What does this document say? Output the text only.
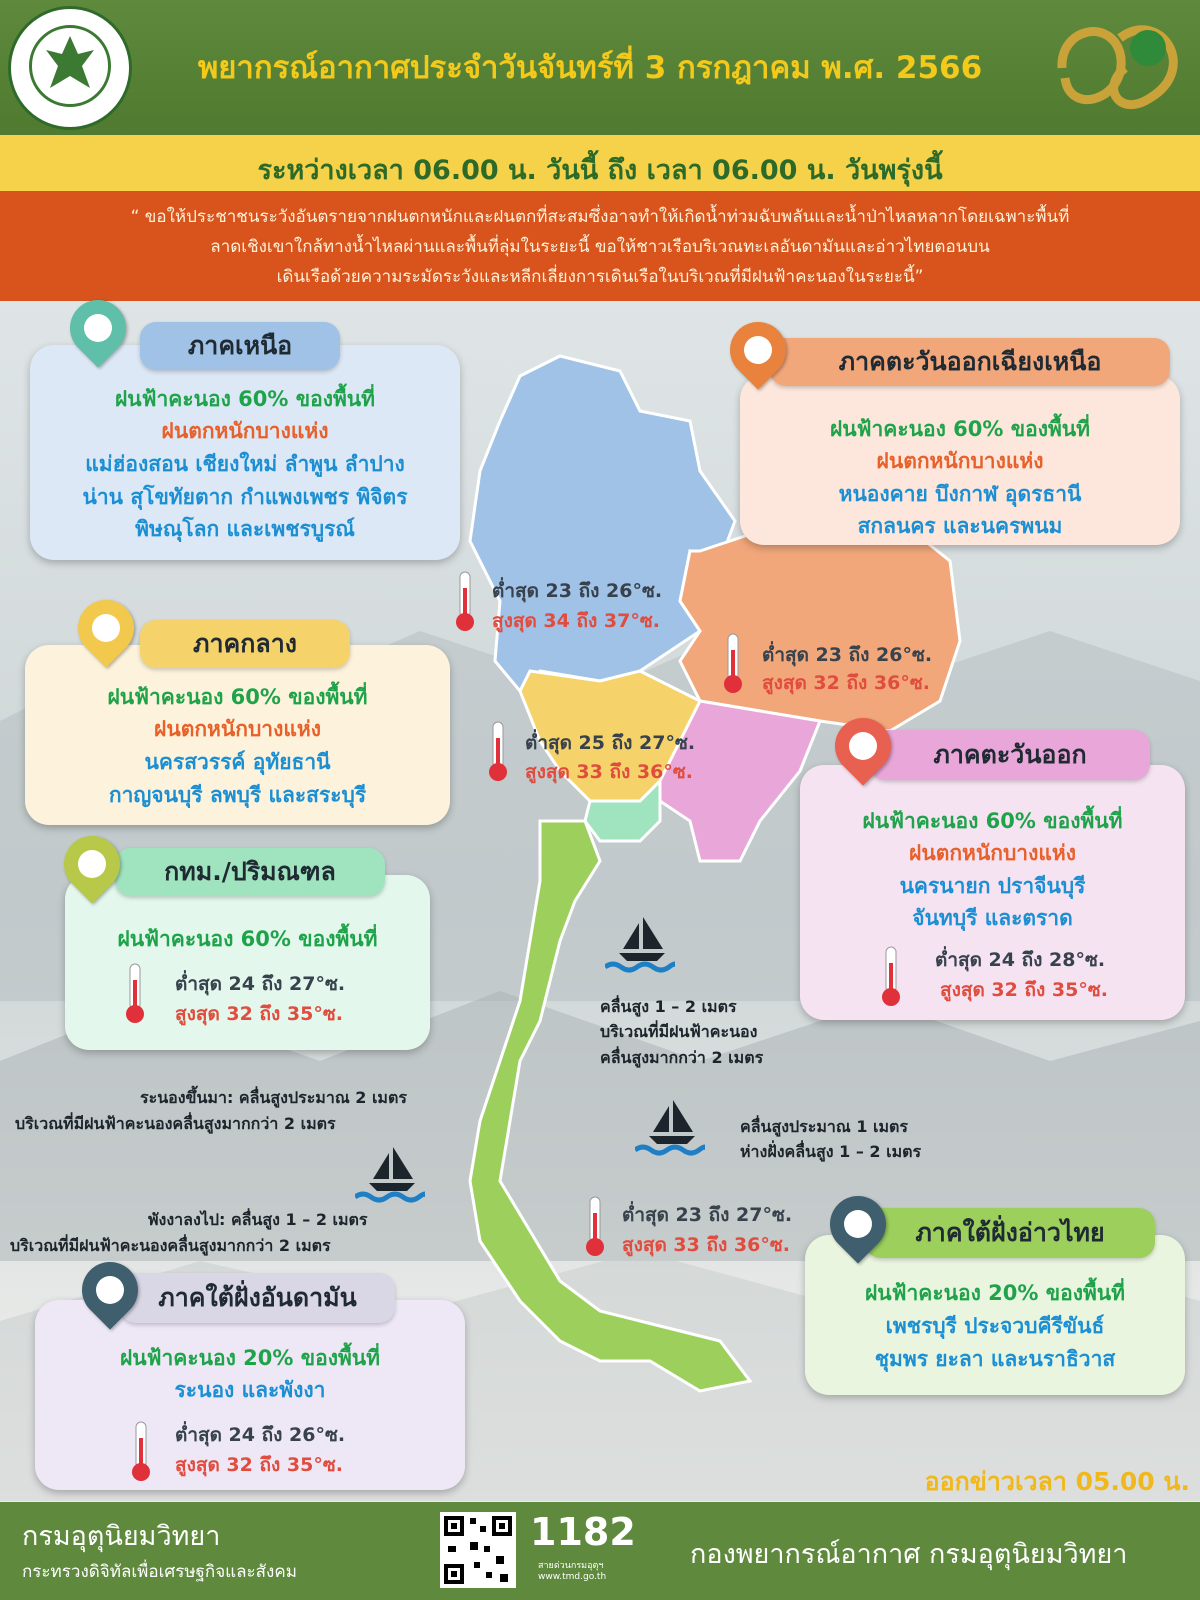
พยากรณ์อากาศประจำวันจันทร์ที่ 3 กรกฎาคม พ.ศ. 2566
ระหว่างเวลา 06.00 น. วันนี้ ถึง เวลา 06.00 น. วันพรุ่งนี้
“ ขอให้ประชาชนระวังอันตรายจากฝนตกหนักและฝนตกที่สะสมซึ่งอาจทำให้เกิดน้ำท่วมฉับพลันและน้ำป่าไหลหลากโดยเฉพาะพื้นที่
ลาดเชิงเขาใกล้ทางน้ำไหลผ่านและพื้นที่ลุ่มในระยะนี้ ขอให้ชาวเรือบริเวณทะเลอันดามันและอ่าวไทยตอนบน
เดินเรือด้วยความระมัดระวังและหลีกเลี่ยงการเดินเรือในบริเวณที่มีฝนฟ้าคะนองในระยะนี้”
ฝนฟ้าคะนอง 60% ของพื้นที่
ฝนตกหนักบางแห่ง
แม่ฮ่องสอน เชียงใหม่ ลำพูน ลำปาง
น่าน สุโขทัยตาก กำแพงเพชร พิจิตร
พิษณุโลก และเพชรบูรณ์
ภาคเหนือ
ต่ำสุด 23 ถึง 26°ซ.
สูงสุด 34 ถึง 37°ซ.
ฝนฟ้าคะนอง 60% ของพื้นที่
ฝนตกหนักบางแห่ง
หนองคาย บึงกาฬ อุดรธานี
สกลนคร และนครพนม
ภาคตะวันออกเฉียงเหนือ
ต่ำสุด 23 ถึง 26°ซ.
สูงสุด 32 ถึง 36°ซ.
ฝนฟ้าคะนอง 60% ของพื้นที่
ฝนตกหนักบางแห่ง
นครสวรรค์ อุทัยธานี
กาญจนบุรี ลพบุรี และสระบุรี
ภาคกลาง
ต่ำสุด 25 ถึง 27°ซ.
สูงสุด 33 ถึง 36°ซ.
ฝนฟ้าคะนอง 60% ของพื้นที่
ฝนตกหนักบางแห่ง
นครนายก ปราจีนบุรี
จันทบุรี และตราด
ต่ำสุด 24 ถึง 28°ซ.
สูงสุด 32 ถึง 35°ซ.
ภาคตะวันออก
ฝนฟ้าคะนอง 60% ของพื้นที่
ต่ำสุด 24 ถึง 27°ซ.
สูงสุด 32 ถึง 35°ซ.
กทม./ปริมณฑล
คลื่นสูง 1 – 2 เมตร
บริเวณที่มีฝนฟ้าคะนอง
คลื่นสูงมากกว่า 2 เมตร
คลื่นสูงประมาณ 1 เมตร
ห่างฝั่งคลื่นสูง 1 – 2 เมตร
ระนองขึ้นมา: คลื่นสูงประมาณ 2 เมตร
บริเวณที่มีฝนฟ้าคะนองคลื่นสูงมากกว่า 2 เมตร
พังงาลงไป: คลื่นสูง 1 – 2 เมตร
บริเวณที่มีฝนฟ้าคะนองคลื่นสูงมากกว่า 2 เมตร
ต่ำสุด 23 ถึง 27°ซ.
สูงสุด 33 ถึง 36°ซ.
ฝนฟ้าคะนอง 20% ของพื้นที่
เพชรบุรี ประจวบคีรีขันธ์
ชุมพร ยะลา และนราธิวาส
ภาคใต้ฝั่งอ่าวไทย
ฝนฟ้าคะนอง 20% ของพื้นที่
ระนอง และพังงา
ต่ำสุด 24 ถึง 26°ซ.
สูงสุด 32 ถึง 35°ซ.
ภาคใต้ฝั่งอันดามัน
ออกข่าวเวลา 05.00 น.
กรมอุตุนิยมวิทยา
กระทรวงดิจิทัลเพื่อเศรษฐกิจและสังคม
1182
สายด่วนกรมอุตุฯ
www.tmd.go.th
กองพยากรณ์อากาศ กรมอุตุนิยมวิทยา
